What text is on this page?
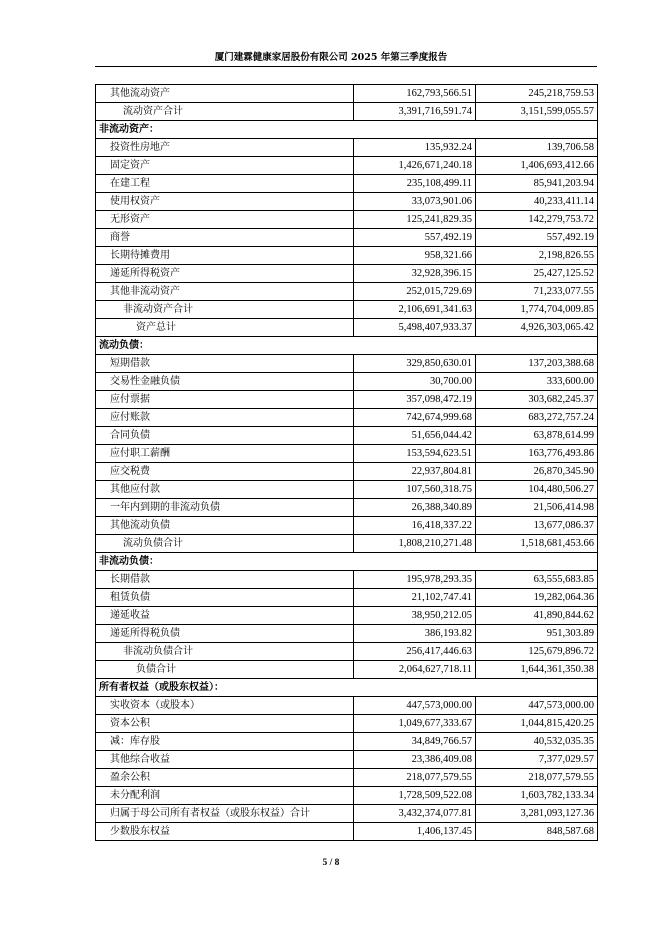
厦门建霖健康家居股份有限公司 2025 年第三季度报告
其他流动资产	162,793,566.51	245,218,759.53
流动资产合计	3,391,716,591.74	3,151,599,055.57
非流动资产：		
投资性房地产	135,932.24	139,706.58
固定资产	1,426,671,240.18	1,406,693,412.66
在建工程	235,108,499.11	85,941,203.94
使用权资产	33,073,901.06	40,233,411.14
无形资产	125,241,829.35	142,279,753.72
商誉	557,492.19	557,492.19
长期待摊费用	958,321.66	2,198,826.55
递延所得税资产	32,928,396.15	25,427,125.52
其他非流动资产	252,015,729.69	71,233,077.55
非流动资产合计	2,106,691,341.63	1,774,704,009.85
资产总计	5,498,407,933.37	4,926,303,065.42
流动负债：		
短期借款	329,850,630.01	137,203,388.68
交易性金融负债	30,700.00	333,600.00
应付票据	357,098,472.19	303,682,245.37
应付账款	742,674,999.68	683,272,757.24
合同负债	51,656,044.42	63,878,614.99
应付职工薪酬	153,594,623.51	163,776,493.86
应交税费	22,937,804.81	26,870,345.90
其他应付款	107,560,318.75	104,480,506.27
一年内到期的非流动负债	26,388,340.89	21,506,414.98
其他流动负债	16,418,337.22	13,677,086.37
流动负债合计	1,808,210,271.48	1,518,681,453.66
非流动负债：		
长期借款	195,978,293.35	63,555,683.85
租赁负债	21,102,747.41	19,282,064.36
递延收益	38,950,212.05	41,890,844.62
递延所得税负债	386,193.82	951,303.89
非流动负债合计	256,417,446.63	125,679,896.72
负债合计	2,064,627,718.11	1,644,361,350.38
所有者权益（或股东权益）：		
实收资本（或股本）	447,573,000.00	447,573,000.00
资本公积	1,049,677,333.67	1,044,815,420.25
减：库存股	34,849,766.57	40,532,035.35
其他综合收益	23,386,409.08	7,377,029.57
盈余公积	218,077,579.55	218,077,579.55
未分配利润	1,728,509,522.08	1,603,782,133.34
归属于母公司所有者权益（或股东权益）合计	3,432,374,077.81	3,281,093,127.36
少数股东权益	1,406,137.45	848,587.68
5 / 8
